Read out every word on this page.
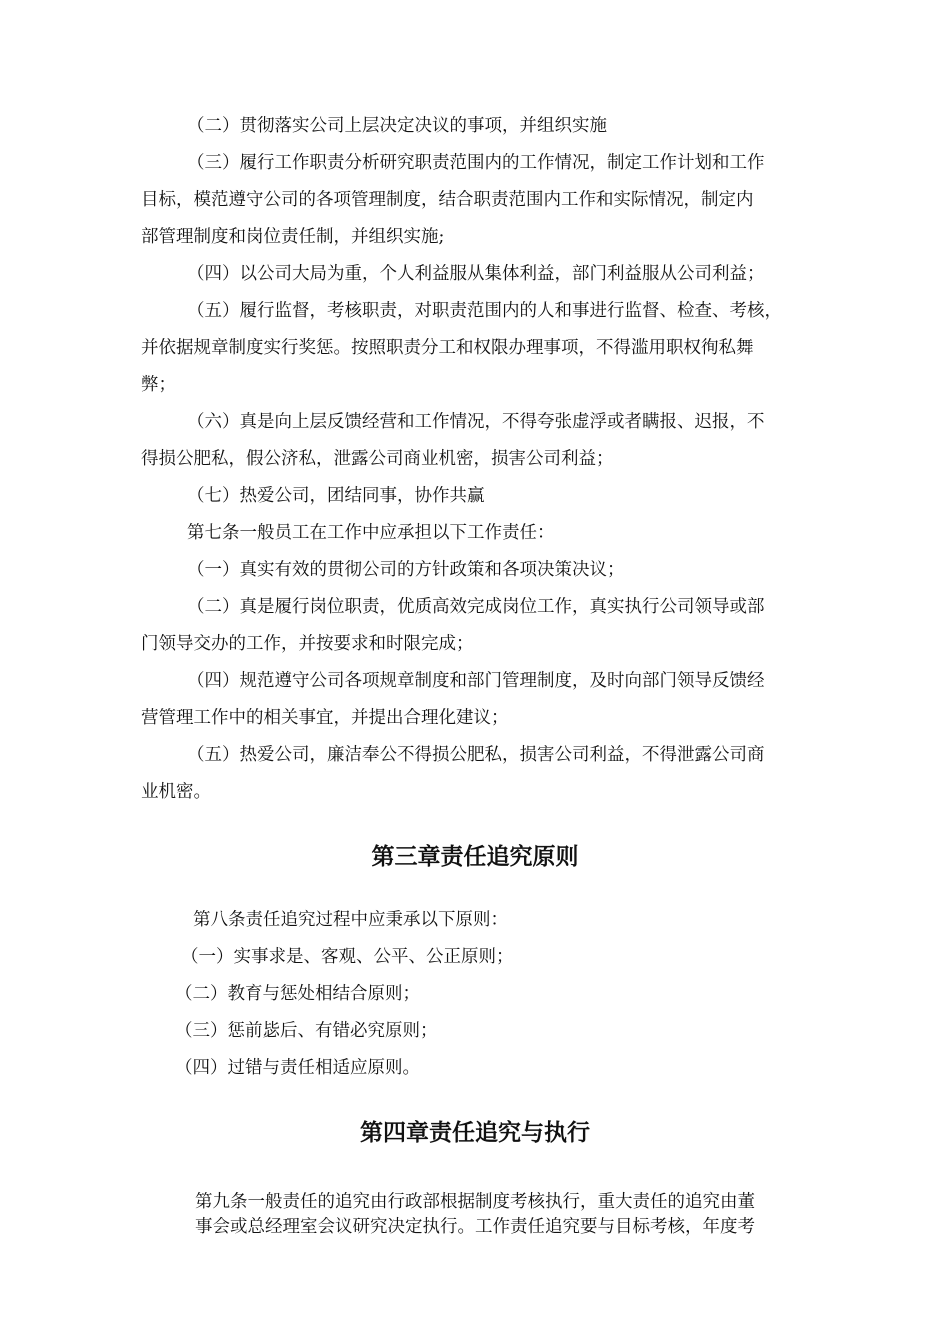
（二）贯彻落实公司上层决定决议的事项，并组织实施
（三）履行工作职责分析研究职责范围内的工作情况，制定工作计划和工作
目标，模范遵守公司的各项管理制度，结合职责范围内工作和实际情况，制定内
部管理制度和岗位责任制，并组织实施;
（四）以公司大局为重，个人利益服从集体利益，部门利益服从公司利益；
（五）履行监督，考核职责，对职责范围内的人和事进行监督、检查、考核，
并依据规章制度实行奖惩。按照职责分工和权限办理事项，不得滥用职权徇私舞
弊；
（六）真是向上层反馈经营和工作情况，不得夸张虚浮或者瞒报、迟报，不
得损公肥私，假公济私，泄露公司商业机密，损害公司利益；
（七）热爱公司，团结同事，协作共赢
第七条一般员工在工作中应承担以下工作责任：
（一）真实有效的贯彻公司的方针政策和各项决策决议；
（二）真是履行岗位职责，优质高效完成岗位工作，真实执行公司领导或部
门领导交办的工作，并按要求和时限完成；
（四）规范遵守公司各项规章制度和部门管理制度，及时向部门领导反馈经
营管理工作中的相关事宜，并提出合理化建议；
（五）热爱公司，廉洁奉公不得损公肥私，损害公司利益，不得泄露公司商
业机密。
第三章责任追究原则
第八条责任追究过程中应秉承以下原则：
（一）实事求是、客观、公平、公正原则；
（二）教育与惩处相结合原则；
（三）惩前毖后、有错必究原则；
（四）过错与责任相适应原则。
第四章责任追究与执行
第九条一般责任的追究由行政部根据制度考核执行，重大责任的追究由董
事会或总经理室会议研究决定执行。工作责任追究要与目标考核，年度考
